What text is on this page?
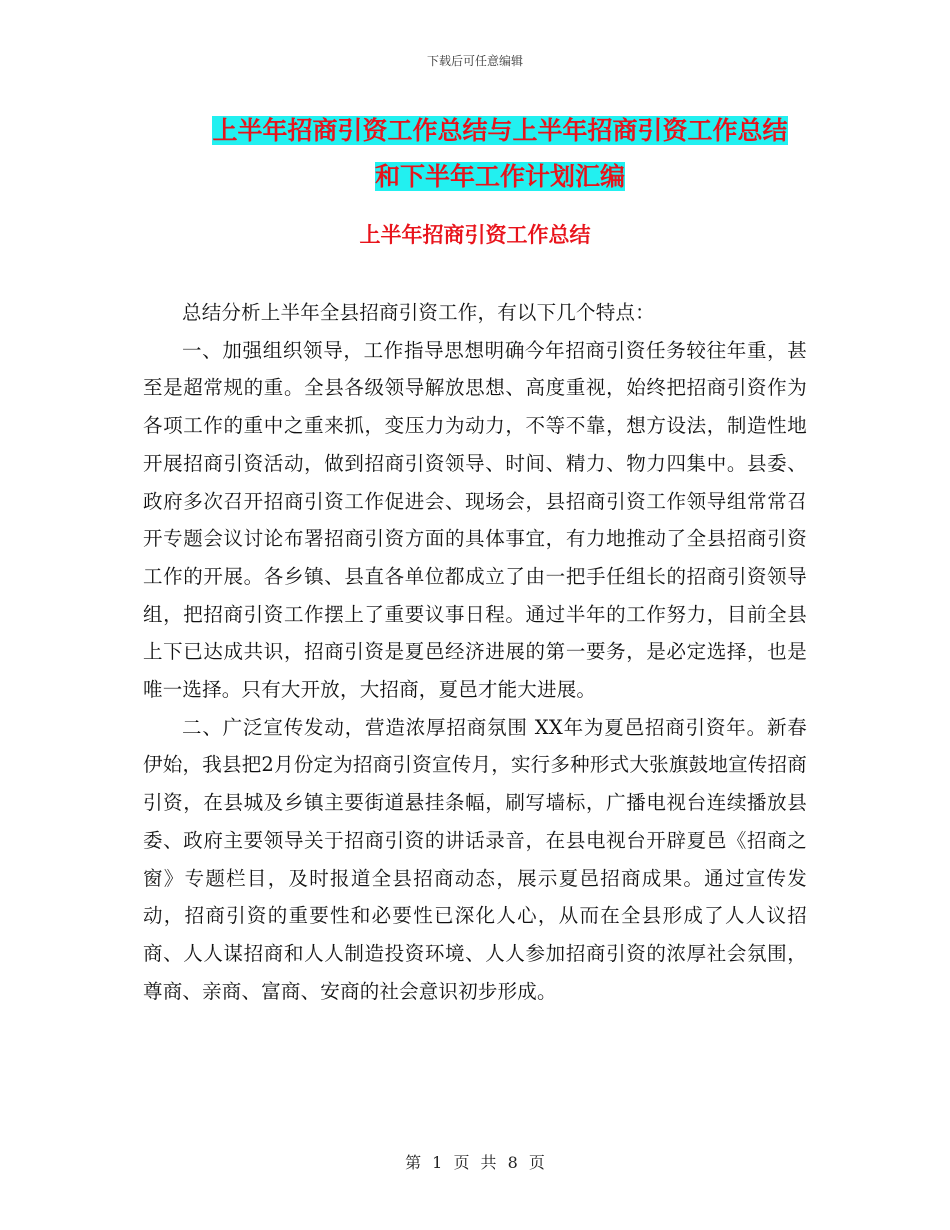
下载后可任意编辑
上半年招商引资工作总结与上半年招商引资工作总结
和下半年工作计划汇编
上半年招商引资工作总结

总结分析上半年全县招商引资工作，有以下几个特点：

一、加强组织领导，工作指导思想明确今年招商引资任务较往年重，甚至是超常规的重。全县各级领导解放思想、高度重视，始终把招商引资作为各项工作的重中之重来抓，变压力为动力，不等不靠，想方设法，制造性地开展招商引资活动，做到招商引资领导、时间、精力、物力四集中。县委、政府多次召开招商引资工作促进会、现场会，县招商引资工作领导组常常召开专题会议讨论布署招商引资方面的具体事宜，有力地推动了全县招商引资工作的开展。各乡镇、县直各单位都成立了由一把手任组长的招商引资领导组，把招商引资工作摆上了重要议事日程。通过半年的工作努力，目前全县上下已达成共识，招商引资是夏邑经济进展的第一要务，是必定选择，也是唯一选择。只有大开放，大招商，夏邑才能大进展。

二、广泛宣传发动，营造浓厚招商氛围 XX年为夏邑招商引资年。新春伊始，我县把2月份定为招商引资宣传月，实行多种形式大张旗鼓地宣传招商引资，在县城及乡镇主要街道悬挂条幅，刷写墙标，广播电视台连续播放县委、政府主要领导关于招商引资的讲话录音，在县电视台开辟夏邑《招商之窗》专题栏目，及时报道全县招商动态，展示夏邑招商成果。通过宣传发动，招商引资的重要性和必要性已深化人心，从而在全县形成了人人议招商、人人谋招商和人人制造投资环境、人人参加招商引资的浓厚社会氛围，尊商、亲商、富商、安商的社会意识初步形成。

第 1 页 共 8 页
